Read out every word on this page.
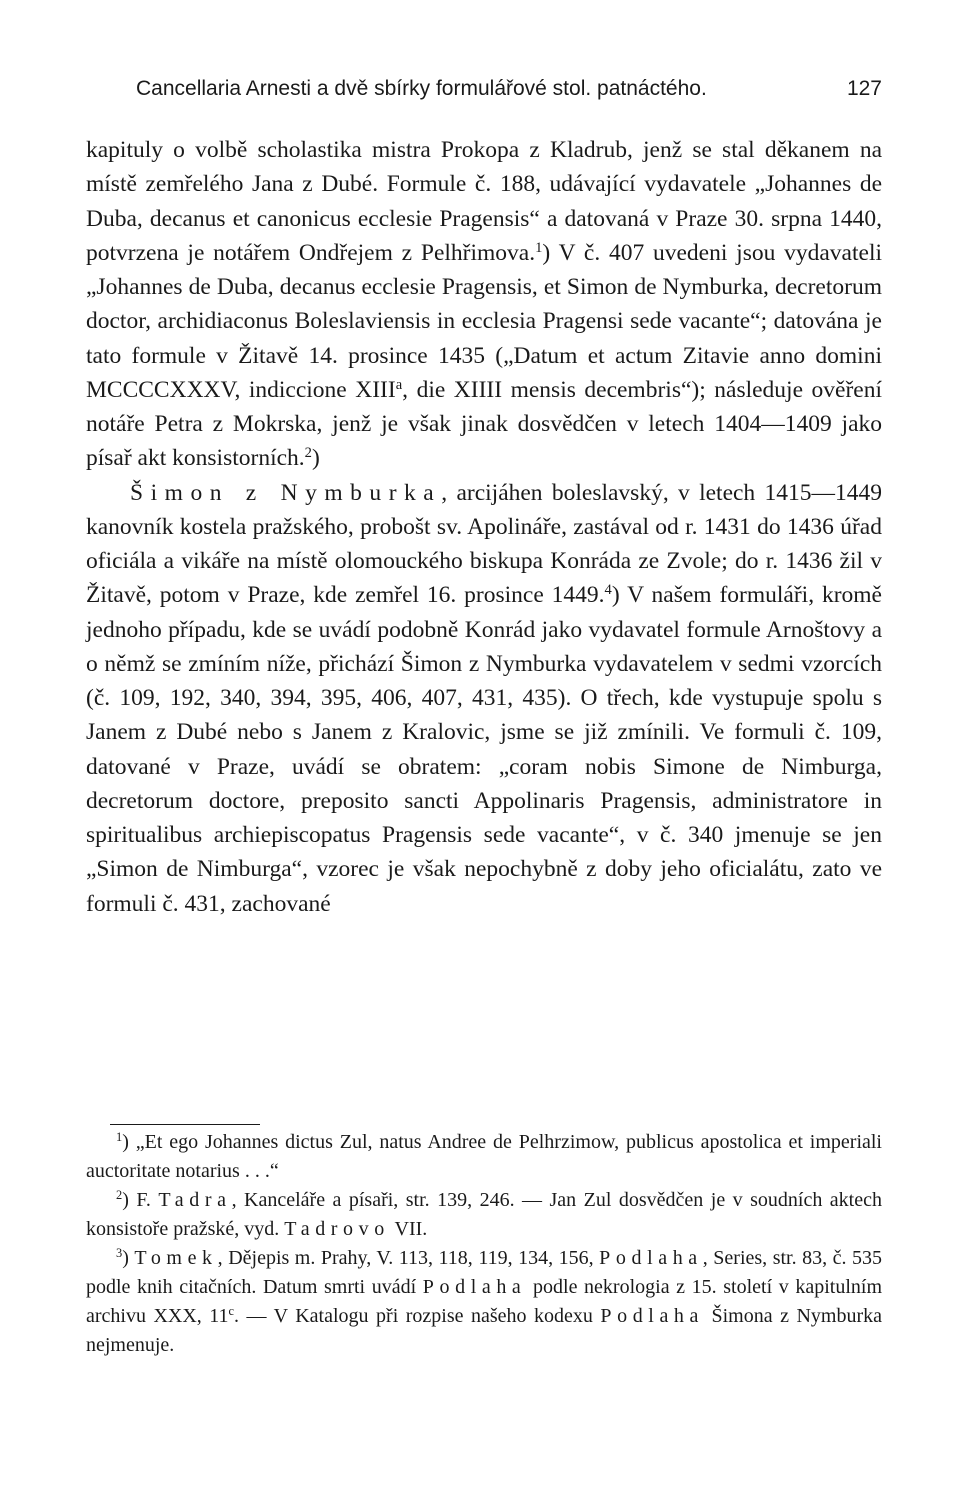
Cancellaria Arnesti a dvě sbírky formulářové stol. patnáctého.	127

kapituly o volbě scholastika mistra Prokopa z Kladrub, jenž se stal děkanem na místě zemřelého Jana z Dubé. Formule č. 188, udávající vydavatele „Johannes de Duba, decanus et canonicus ecclesie Pragensis“ a datovaná v Praze 30. srpna 1440, potvrzena je notářem Ondřejem z Pelhřimova.$^1$) V č. 407 uvedeni jsou vydavateli „Johannes de Duba, decanus ecclesie Pragensis, et Simon de Nymburka, decretorum doctor, archidiaconus Boleslaviensis in ecclesia Pragensi sede vacante“; datována je tato formule v Žitavě 14. prosince 1435 („Datum et actum Zitavie anno domini MCCCCXXXV, indiccione XIII$^a$, die XIIII mensis decembris“); následuje ověření notáře Petra z Mokrska, jenž je však jinak dosvědčen v letech 1404—1409 jako písař akt konsistorních.$^2$)

Šimon z Nymburka, arcijáhen boleslavský, v letech 1415—1449 kanovník kostela pražského, probošt sv. Apolináře, zastával od r. 1431 do 1436 úřad oficiála a vikáře na místě olomouckého biskupa Konráda ze Zvole; do r. 1436 žil v Žitavě, potom v Praze, kde zemřel 16. prosince 1449.$^4$) V našem formuláři, kromě jednoho případu, kde se uvádí podobně Konrád jako vydavatel formule Arnoštovy a o němž se zmíním níže, přichází Šimon z Nymburka vydavatelem v sedmi vzorcích (č. 109, 192, 340, 394, 395, 406, 407, 431, 435). O třech, kde vystupuje spolu s Janem z Dubé nebo s Janem z Kralovic, jsme se již zmínili. Ve formuli č. 109, datované v Praze, uvádí se obratem: „coram nobis Simone de Nimburga, decretorum doctore, preposito sancti Appolinaris Pragensis, administratore in spiritualibus archiepiscopatus Pragensis sede vacante“, v č. 340 jmenuje se jen „Simon de Nimburga“, vzorec je však nepochybně z doby jeho oficialátu, zato ve formuli č. 431, zachované

$^1$) „Et ego Johannes dictus Zul, natus Andree de Pelhrzimow, publicus apostolica et imperiali auctoritate notarius . . .“

$^2$) F. Tadra, Kanceláře a písaři, str. 139, 246. — Jan Zul dosvědčen je v soudních aktech konsistoře pražské, vyd. Tadrovo VII.

$^3$) Tomek, Dějepis m. Prahy, V. 113, 118, 119, 134, 156, Podlaha, Series, str. 83, č. 535 podle knih citačních. Datum smrti uvádí Podlaha podle nekrologia z 15. století v kapitulním archivu XXX, 11$^c$. — V Katalogu při rozpise našeho kodexu Podlaha Šimona z Nymburka nejmenuje.
